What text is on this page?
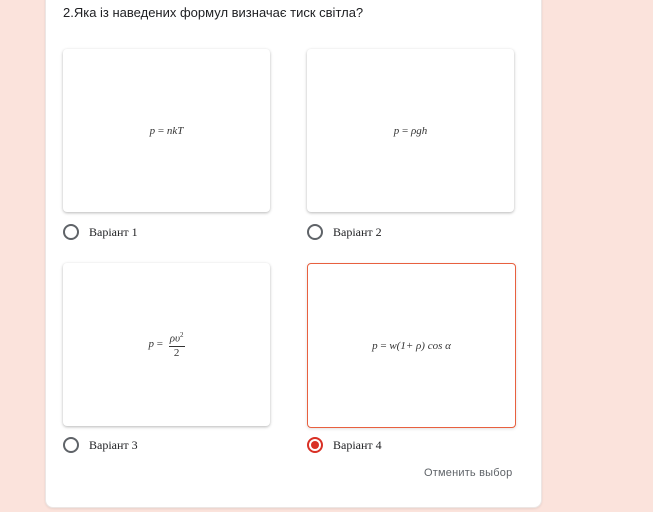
2.Яка із наведених формул визначає тиск світла?
p = nkT
Варіант 1
p = ρgh
Варіант 2
$p = \frac{\rho\upsilon^2}{2}$
Варіант 3
p = w(1+ ρ) cos α
Варіант 4
Отменить выбор
